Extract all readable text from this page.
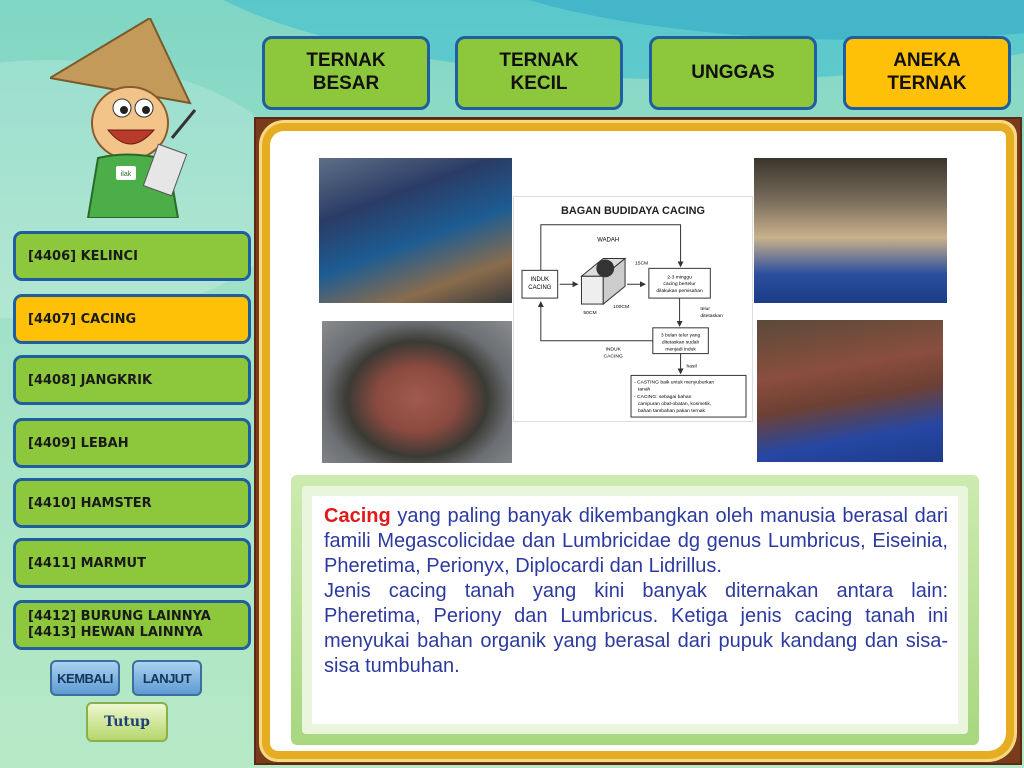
ilak
TERNAK
BESAR
TERNAK
KECIL
UNGGAS
ANEKA
TERNAK
[4406] KELINCI
[4407] CACING
[4408] JANGKRIK
[4409] LEBAH
[4410] HAMSTER
[4411] MARMUT
[4412] BURUNG LAINNYA
[4413] HEWAN LAINNYA
KEMBALI	LANJUT
Tutup
BAGAN BUDIDAYA CACING
INDUK
CACING
WADAH
15CM
50CM
100CM
2-3 minggu
cacing bertelur
dilakukan pemisahan
telur
ditetaskan
3 bulan telur yang
ditetaskan sudah
menjadi induk
INDUK
CACING
hasil
- CASTING baik untuk menyuburkan
tanah
- CACING: sebagai bahan
campuran obat-obatan, kosmetik,
bahan tambahan pakan ternak

Cacing yang paling banyak dikembangkan oleh manusia berasal dari famili Megascolicidae dan Lumbricidae dg genus Lumbricus, Eiseinia, Pheretima, Perionyx, Diplocardi dan Lidrillus.

Jenis cacing tanah yang kini banyak diternakan antara lain: Pheretima, Periony dan Lumbricus. Ketiga jenis cacing tanah ini menyukai bahan organik yang berasal dari pupuk kandang dan sisa-sisa tumbuhan.
